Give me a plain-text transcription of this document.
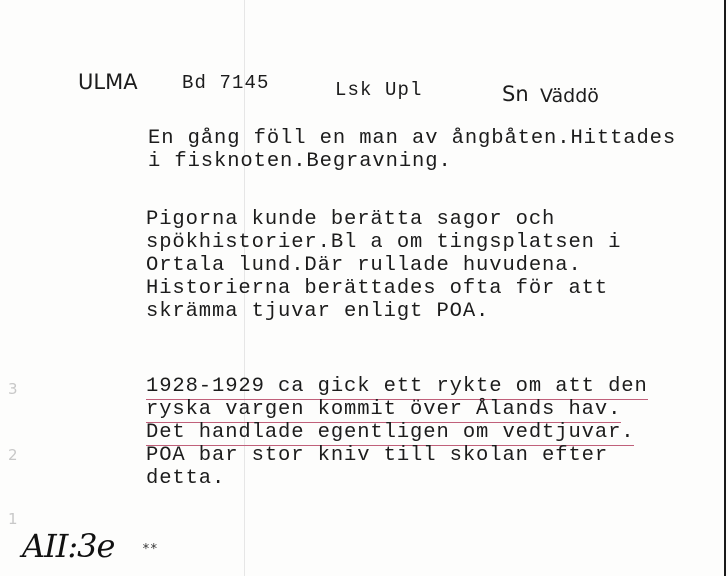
ULMA Bd 7145	Lsk Upl	Sn Väddö
En gång föll en man av ångbåten.Hittades
i fisknoten.Begravning.
Pigorna kunde berätta sagor och
spökhistorier.Bl a om tingsplatsen i
Ortala lund.Där rullade huvudena.
Historierna berättades ofta för att
skrämma tjuvar enligt POA.
1928-1929 ca gick ett rykte om att den
ryska vargen kommit över Ålands hav.
Det handlade egentligen om vedtjuvar.
POA bar stor kniv till skolan efter
detta.
3
2
1
AII:3e **
